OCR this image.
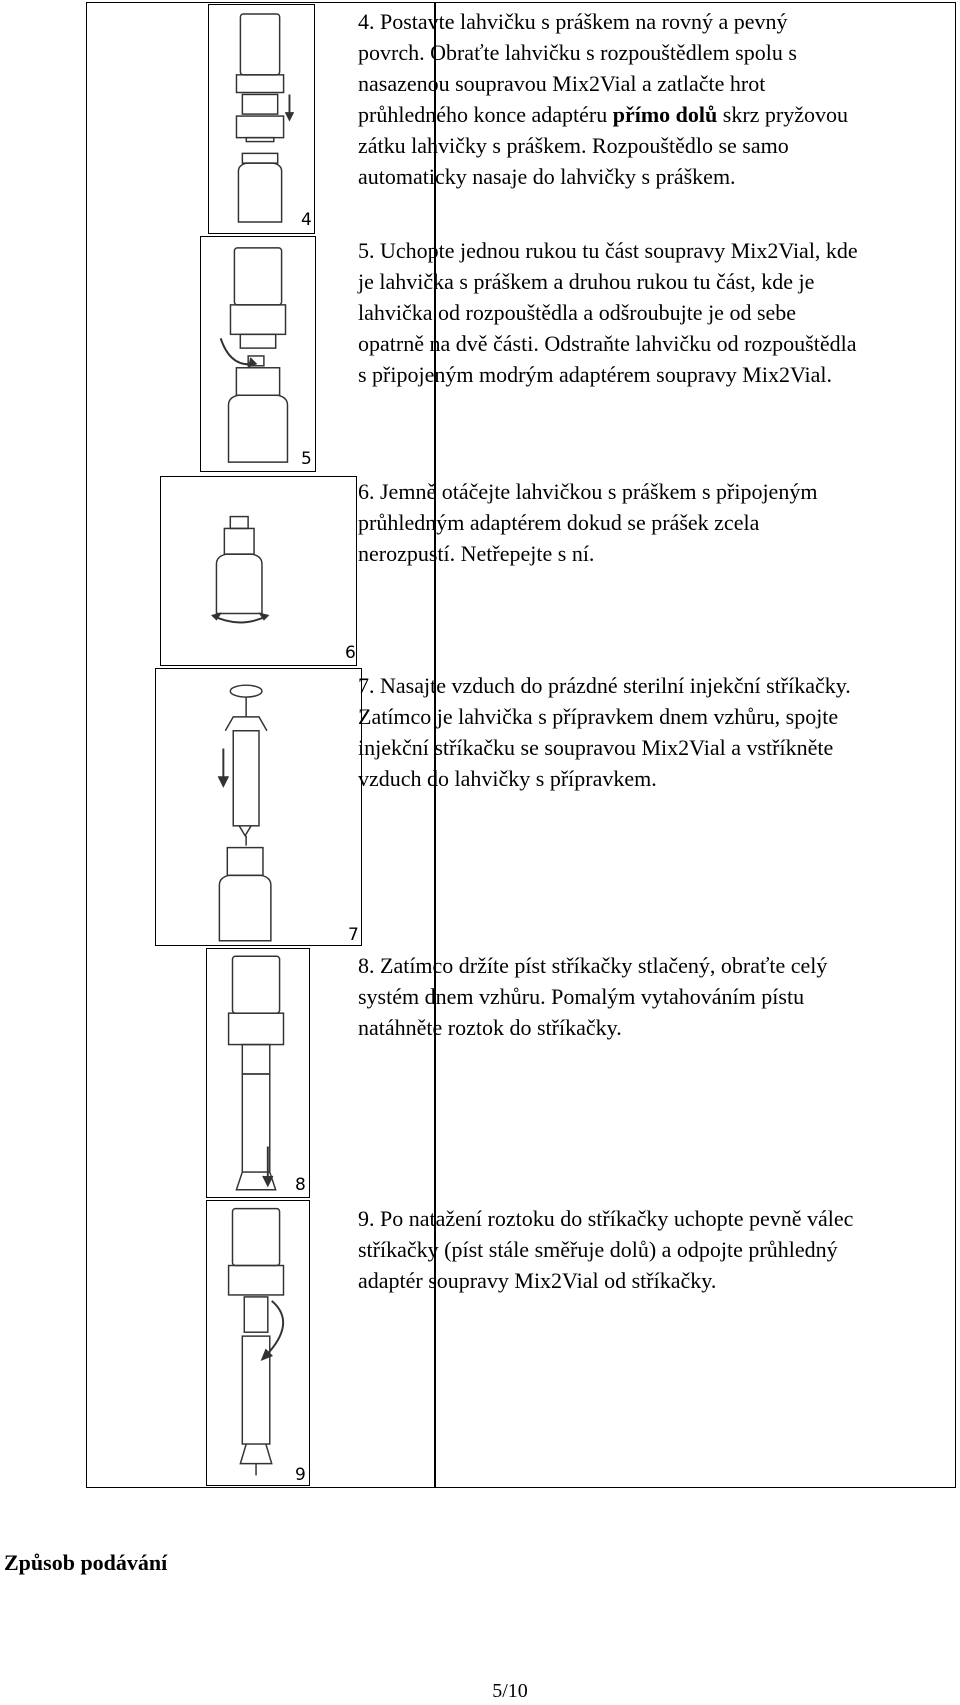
4
4. Postavte lahvičku s práškem na rovný a pevný povrch. Obraťte lahvičku s rozpouštědlem spolu s nasazenou soupravou Mix2Vial a zatlačte hrot průhledného konce adaptéru přímo dolů skrz pryžovou zátku lahvičky s práškem. Rozpouštědlo se samo automaticky nasaje do lahvičky s práškem.
5
5. Uchopte jednou rukou tu část soupravy Mix2Vial, kde je lahvička s práškem a druhou rukou tu část, kde je lahvička od rozpouštědla a odšroubujte je od sebe opatrně na dvě části. Odstraňte lahvičku od rozpouštědla s připojeným modrým adaptérem soupravy Mix2Vial.
6
6. Jemně otáčejte lahvičkou s práškem s připojeným průhledným adaptérem dokud se prášek zcela nerozpustí. Netřepejte s ní.
7
7. Nasajte vzduch do prázdné sterilní injekční stříkačky. Zatímco je lahvička s přípravkem dnem vzhůru, spojte injekční stříkačku se soupravou Mix2Vial a vstříkněte vzduch do lahvičky s přípravkem.
8
8. Zatímco držíte píst stříkačky stlačený, obraťte celý systém dnem vzhůru. Pomalým vytahováním pístu natáhněte roztok do stříkačky.
9
9. Po natažení roztoku do stříkačky uchopte pevně válec stříkačky (píst stále směřuje dolů) a odpojte průhledný adaptér soupravy Mix2Vial od stříkačky.
Způsob podávání
5/10
